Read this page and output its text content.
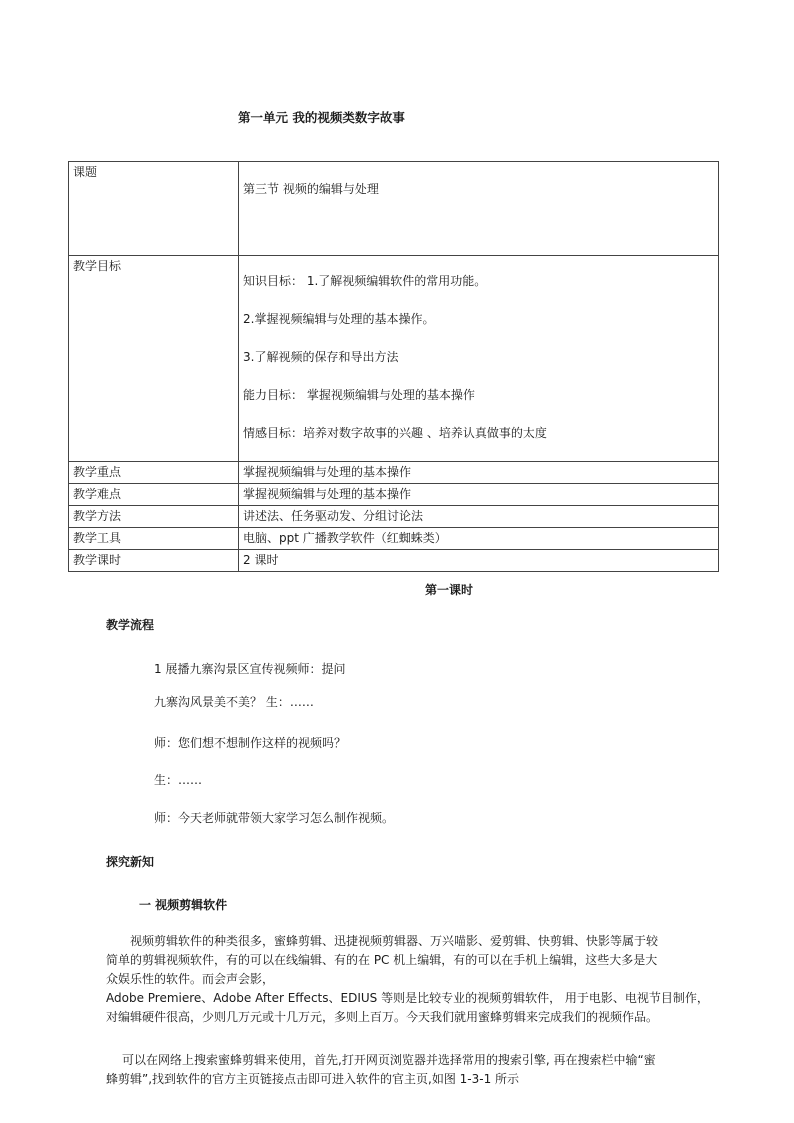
第一单元 我的视频类数字故事
课题	第三节 视频的编辑与处理
教学目标	知识目标： 1.了解视频编辑软件的常用功能。
2.掌握视频编辑与处理的基本操作。
3.了解视频的保存和导出方法
能力目标： 掌握视频编辑与处理的基本操作
情感目标：培养对数字故事的兴趣 、培养认真做事的太度

教学重点	掌握视频编辑与处理的基本操作
教学难点	掌握视频编辑与处理的基本操作
教学方法	讲述法、任务驱动发、分组讨论法
教学工具	电脑、ppt 广播教学软件（红蜘蛛类）
教学课时	2 课时
第一课时
教学流程
1 展播九寨沟景区宣传视频师：提问
九寨沟风景美不美？ 生：……
师：您们想不想制作这样的视频吗？
生：……
师：今天老师就带领大家学习怎么制作视频。
探究新知
一 视频剪辑软件
视频剪辑软件的种类很多，蜜蜂剪辑、迅捷视频剪辑器、万兴喵影、爱剪辑、快剪辑、快影等属于较
简单的剪辑视频软件，有的可以在线编辑、有的在 PC 机上编辑，有的可以在手机上编辑，这些大多是大
众娱乐性的软件。而会声会影，
Adobe Premiere、Adobe After Effects、EDIUS 等则是比较专业的视频剪辑软件， 用于电影、电视节目制作，
对编辑硬件很高，少则几万元或十几万元，多则上百万。今天我们就用蜜蜂剪辑来完成我们的视频作品。
可以在网络上搜索蜜蜂剪辑来使用，首先,打开网页浏览器并选择常用的搜索引擎, 再在搜索栏中输“蜜
蜂剪辑”,找到软件的官方主页链接点击即可进入软件的官主页,如图 1-3-1 所示
